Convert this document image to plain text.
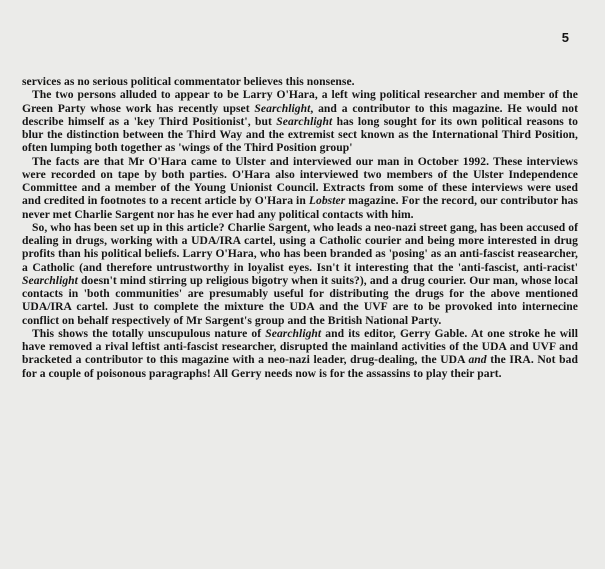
5

services as no serious political commentator believes this nonsense.

The two persons alluded to appear to be Larry O'Hara, a left wing political researcher and member of the Green Party whose work has recently upset Searchlight, and a contributor to this magazine. He would not describe himself as a 'key Third Positionist', but Searchlight has long sought for its own political reasons to blur the distinction between the Third Way and the extremist sect known as the International Third Position, often lumping both together as 'wings of the Third Position group'

The facts are that Mr O'Hara came to Ulster and interviewed our man in October 1992. These interviews were recorded on tape by both parties. O'Hara also interviewed two members of the Ulster Independence Committee and a member of the Young Unionist Council. Extracts from some of these interviews were used and credited in footnotes to a recent article by O'Hara in Lobster magazine. For the record, our contributor has never met Charlie Sargent nor has he ever had any political contacts with him.

So, who has been set up in this article? Charlie Sargent, who leads a neo-nazi street gang, has been accused of dealing in drugs, working with a UDA/IRA cartel, using a Catholic courier and being more interested in drug profits than his political beliefs. Larry O'Hara, who has been branded as 'posing' as an anti-fascist reasearcher, a Catholic (and therefore untrustworthy in loyalist eyes. Isn't it interesting that the 'anti-fascist, anti-racist' Searchlight doesn't mind stirring up religious bigotry when it suits?), and a drug courier. Our man, whose local contacts in 'both communities' are presumably useful for distributing the drugs for the above mentioned UDA/IRA cartel. Just to complete the mixture the UDA and the UVF are to be provoked into internecine conflict on behalf respectively of Mr Sargent's group and the British National Party.

This shows the totally unscupulous nature of Searchlight and its editor, Gerry Gable. At one stroke he will have removed a rival leftist anti-fascist researcher, disrupted the mainland activities of the UDA and UVF and bracketed a contributor to this magazine with a neo-nazi leader, drug-dealing, the UDA and the IRA. Not bad for a couple of poisonous paragraphs! All Gerry needs now is for the assassins to play their part.
